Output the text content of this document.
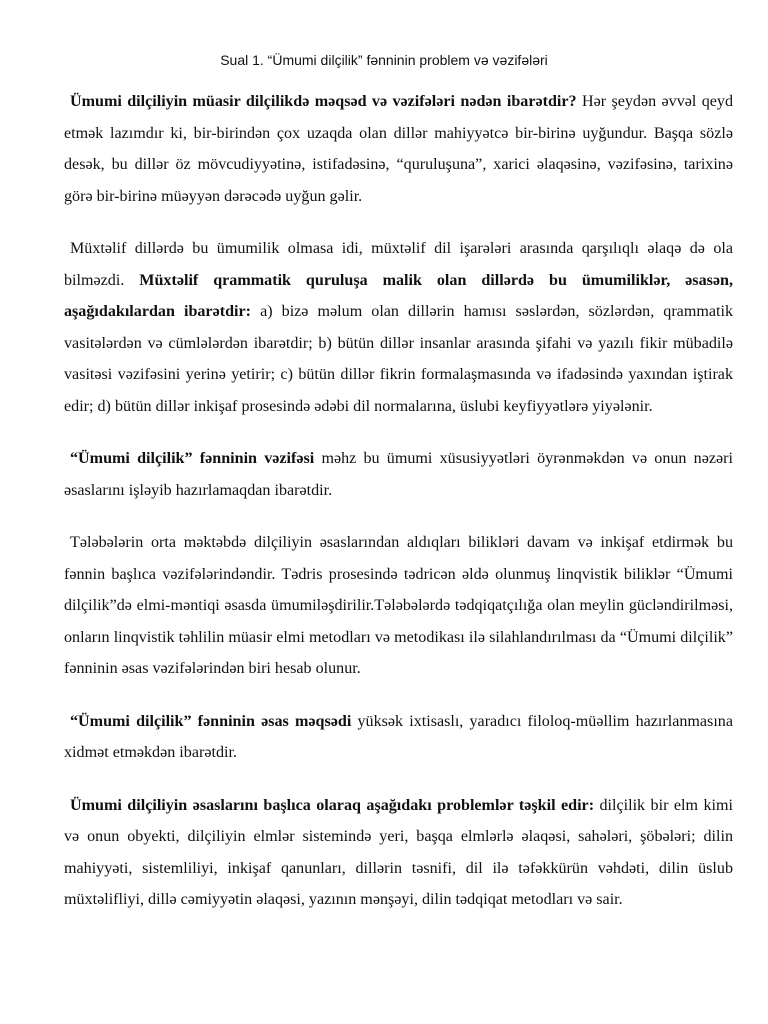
Sual 1. “Ümumi dilçilik” fənninin problem və vəzifələri

Ümumi dilçiliyin müasir dilçilikdə məqsəd və vəzifələri nədən ibarətdir? Hər şeydən əvvəl qeyd etmək lazımdır ki, bir-birindən çox uzaqda olan dillər mahiyyətcə bir-birinə uyğundur. Başqa sözlə desək, bu dillər öz mövcudiyyətinə, istifadəsinə, “quruluşuna”, xarici əlaqəsinə, vəzifəsinə, tarixinə görə bir-birinə müəyyən dərəcədə uyğun gəlir.

Müxtəlif dillərdə bu ümumilik olmasa idi, müxtəlif dil işarələri arasında qarşılıqlı əlaqə də ola bilməzdi. Müxtəlif qrammatik quruluşa malik olan dillərdə bu ümumiliklər, əsasən, aşağıdakılardan ibarətdir: a) bizə məlum olan dillərin hamısı səslərdən, sözlərdən, qrammatik vasitələrdən və cümlələrdən ibarətdir; b) bütün dillər insanlar arasında şifahi və yazılı fikir mübadilə vasitəsi vəzifəsini yerinə yetirir; c) bütün dillər fikrin formalaşmasında və ifadəsində yaxından iştirak edir; d) bütün dillər inkişaf prosesində ədəbi dil normalarına, üslubi keyfiyyətlərə yiyələnir.

“Ümumi dilçilik” fənninin vəzifəsi məhz bu ümumi xüsusiyyətləri öyrənməkdən və onun nəzəri əsaslarını işləyib hazırlamaqdan ibarətdir.

Tələbələrin orta məktəbdə dilçiliyin əsaslarından aldıqları bilikləri davam və inkişaf etdirmək bu fənnin başlıca vəzifələrindəndir. Tədris prosesində tədricən əldə olunmuş linqvistik biliklər “Ümumi dilçilik”də elmi-məntiqi əsasda ümumiləşdirilir.Tələbələrdə tədqiqatçılığa olan meylin gücləndirilməsi, onların linqvistik təhlilin müasir elmi metodları və metodikası ilə silahlandırılması da “Ümumi dilçilik” fənninin əsas vəzifələrindən biri hesab olunur.

“Ümumi dilçilik” fənninin əsas məqsədi yüksək ixtisaslı, yaradıcı filoloq-müəllim hazırlanmasına xidmət etməkdən ibarətdir.

Ümumi dilçiliyin əsaslarını başlıca olaraq aşağıdakı problemlər təşkil edir: dilçilik bir elm kimi və onun obyekti, dilçiliyin elmlər sistemində yeri, başqa elmlərlə əlaqəsi, sahələri, şöbələri; dilin mahiyyəti, sistemliliyi, inkişaf qanunları, dillərin təsnifi, dil ilə təfəkkürün vəhdəti, dilin üslub müxtəlifliyi, dillə cəmiyyətin əlaqəsi, yazının mənşəyi, dilin tədqiqat metodları və sair.
